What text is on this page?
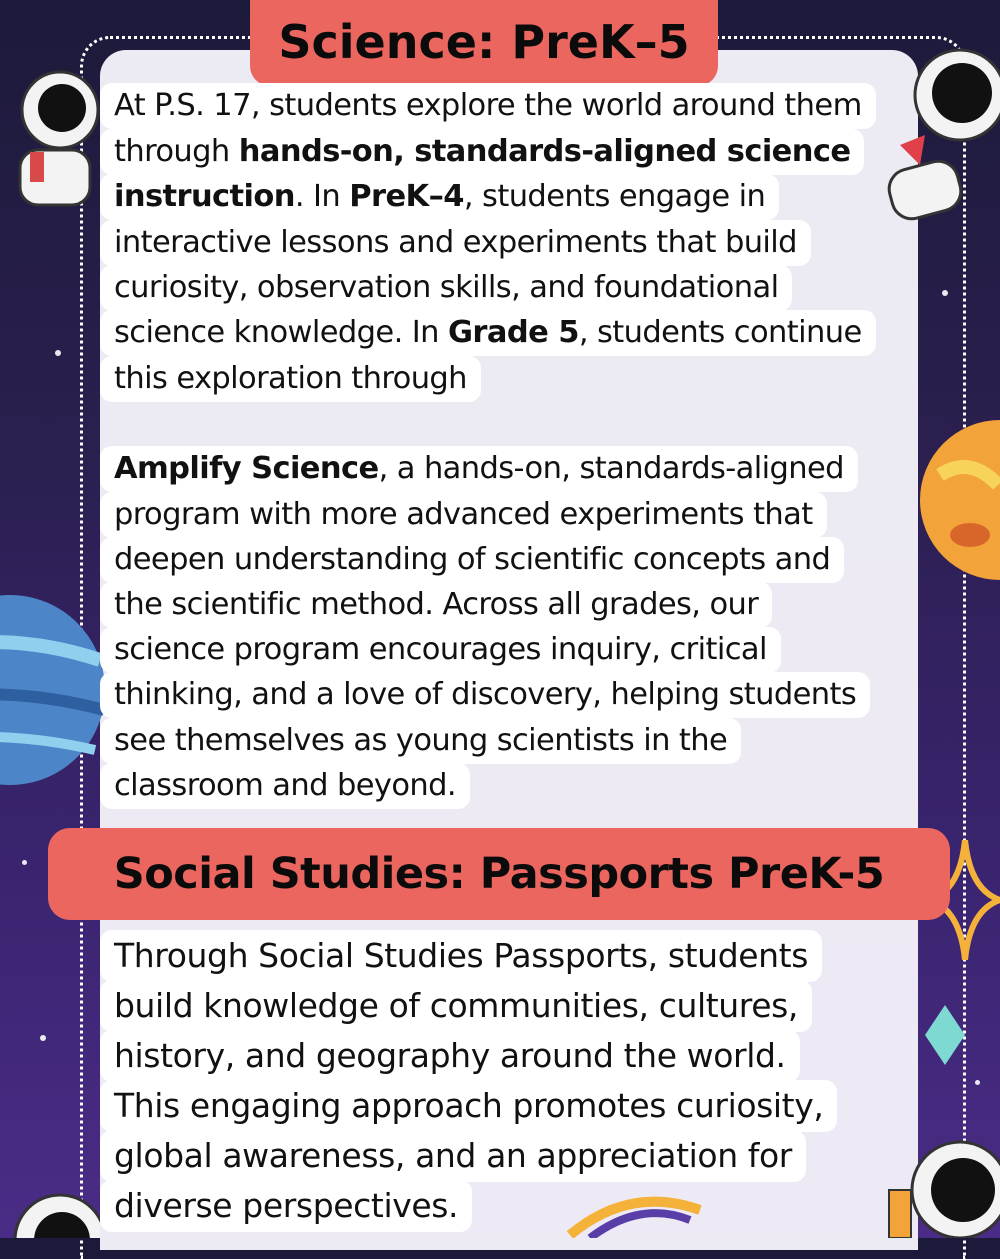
Science: PreK–5
Social Studies: Passports PreK-5
At P.S. 17, students explore the world around them
through hands-on, standards-aligned science
instruction. In PreK–4, students engage in
interactive lessons and experiments that build
curiosity, observation skills, and foundational
science knowledge. In Grade 5, students continue
this exploration through
Amplify Science, a hands-on, standards-aligned
program with more advanced experiments that
deepen understanding of scientific concepts and
the scientific method. Across all grades, our
science program encourages inquiry, critical
thinking, and a love of discovery, helping students
see themselves as young scientists in the
classroom and beyond.
Through Social Studies Passports, students
build knowledge of communities, cultures,
history, and geography around the world.
This engaging approach promotes curiosity,
global awareness, and an appreciation for
diverse perspectives.
